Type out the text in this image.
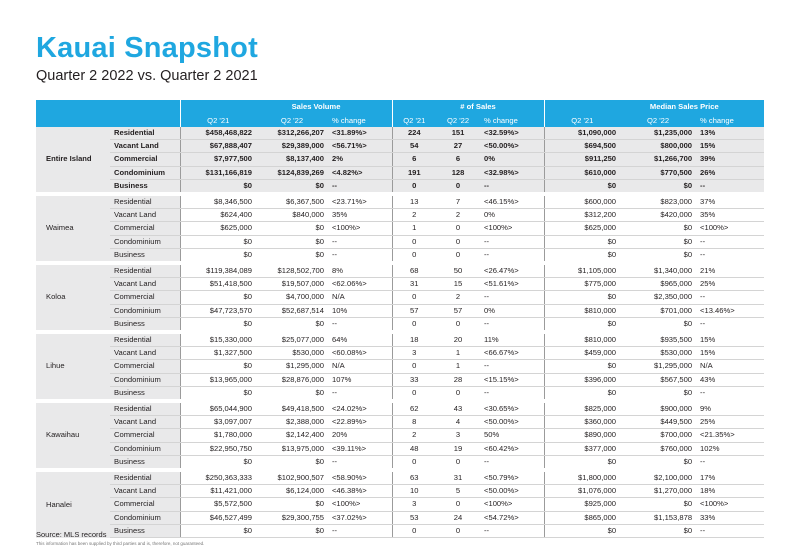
Kauai Snapshot
Quarter 2 2022 vs. Quarter 2 2021
		Sales Volume			# of Sales			Median Sales Price		
		Q2 '21	Q2 '22	% change	Q2 '21	Q2 '22	% change	Q2 '21	Q2 '22	% change
Entire Island	Residential	$458,468,822	$312,266,207	<31.89%>	224	151	<32.59%>	$1,090,000	$1,235,000	13%
	Vacant Land	$67,888,407	$29,389,000	<56.71%>	54	27	<50.00%>	$694,500	$800,000	15%
	Commercial	$7,977,500	$8,137,400	2%	6	6	0%	$911,250	$1,266,700	39%
	Condominium	$131,166,819	$124,839,269	<4.82%>	191	128	<32.98%>	$610,000	$770,500	26%
	Business	$0	$0	--	0	0	--	$0	$0	--
Waimea	Residential	$8,346,500	$6,367,500	<23.71%>	13	7	<46.15%>	$600,000	$823,000	37%
	Vacant Land	$624,400	$840,000	35%	2	2	0%	$312,200	$420,000	35%
	Commercial	$625,000	$0	<100%>	1	0	<100%>	$625,000	$0	<100%>
	Condominium	$0	$0	--	0	0	--	$0	$0	--
	Business	$0	$0	--	0	0	--	$0	$0	--
Koloa	Residential	$119,384,089	$128,502,700	8%	68	50	<26.47%>	$1,105,000	$1,340,000	21%
	Vacant Land	$51,418,500	$19,507,000	<62.06%>	31	15	<51.61%>	$775,000	$965,000	25%
	Commercial	$0	$4,700,000	N/A	0	2	--	$0	$2,350,000	--
	Condominium	$47,723,570	$52,687,514	10%	57	57	0%	$810,000	$701,000	<13.46%>
	Business	$0	$0	--	0	0	--	$0	$0	--
Lihue	Residential	$15,330,000	$25,077,000	64%	18	20	11%	$810,000	$935,500	15%
	Vacant Land	$1,327,500	$530,000	<60.08%>	3	1	<66.67%>	$459,000	$530,000	15%
	Commercial	$0	$1,295,000	N/A	0	1	--	$0	$1,295,000	N/A
	Condominium	$13,965,000	$28,876,000	107%	33	28	<15.15%>	$396,000	$567,500	43%
	Business	$0	$0	--	0	0	--	$0	$0	--
Kawaihau	Residential	$65,044,900	$49,418,500	<24.02%>	62	43	<30.65%>	$825,000	$900,000	9%
	Vacant Land	$3,097,007	$2,388,000	<22.89%>	8	4	<50.00%>	$360,000	$449,500	25%
	Commercial	$1,780,000	$2,142,400	20%	2	3	50%	$890,000	$700,000	<21.35%>
	Condominium	$22,950,750	$13,975,000	<39.11%>	48	19	<60.42%>	$377,000	$760,000	102%
	Business	$0	$0	--	0	0	--	$0	$0	--
Hanalei	Residential	$250,363,333	$102,900,507	<58.90%>	63	31	<50.79%>	$1,800,000	$2,100,000	17%
	Vacant Land	$11,421,000	$6,124,000	<46.38%>	10	5	<50.00%>	$1,076,000	$1,270,000	18%
	Commercial	$5,572,500	$0	<100%>	3	0	<100%>	$925,000	$0	<100%>
	Condominium	$46,527,499	$29,300,755	<37.02%>	53	24	<54.72%>	$865,000	$1,153,878	33%
	Business	$0	$0	--	0	0	--	$0	$0	--
Source: MLS records
This information has been supplied by third parties and is, therefore, not guaranteed.
